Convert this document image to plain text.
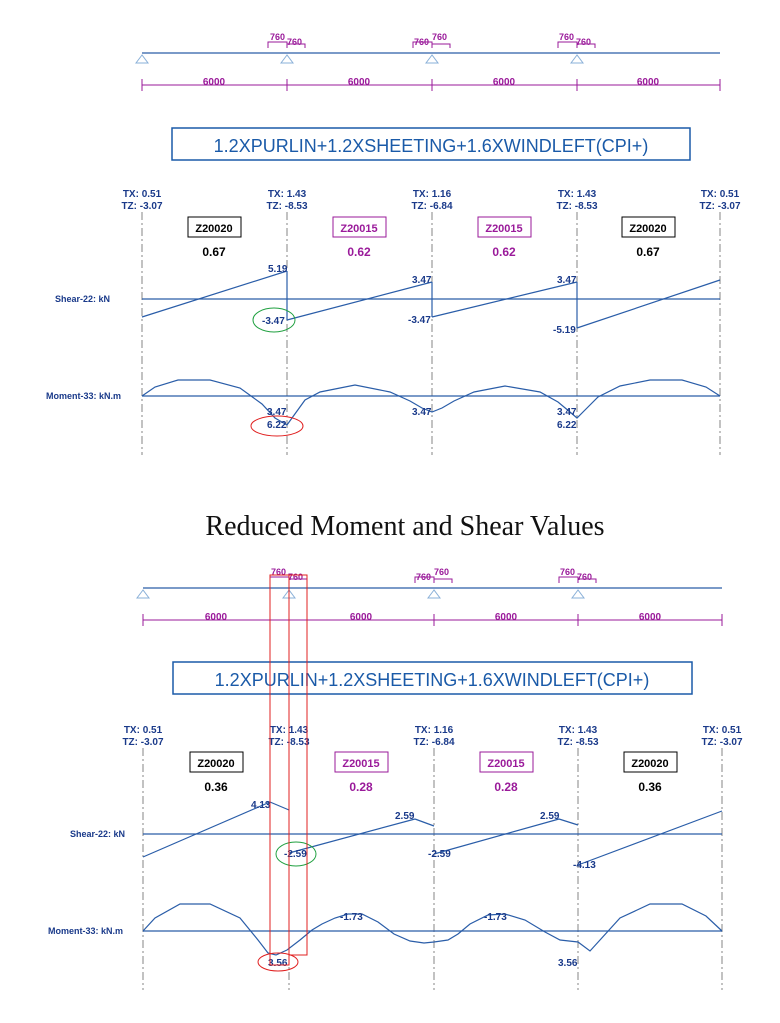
760 760	760 760	760 760
6000	6000	6000	6000
1.2XPURLIN+1.2XSHEETING+1.6XWINDLEFT(CPI+)
TX: 0.51
TZ: -3.07
TX: 1.43
TZ: -8.53
TX: 1.16
TZ: -6.84
TX: 1.43
TZ: -8.53
TX: 0.51
TZ: -3.07
Z20020	Z20015	Z20015	Z20020
0.67	0.62	0.62	0.67
Shear-22: kN
5.19
-3.47
3.47
-3.47
3.47
-5.19
Moment-33: kN.m
3.47
6.22
3.47	3.47
6.22
Reduced Moment and Shear Values
760 760	760 760	760 760
6000	6000	6000	6000
1.2XPURLIN+1.2XSHEETING+1.6XWINDLEFT(CPI+)
TX: 0.51
TZ: -3.07
TX: 1.43
TZ: -8.53
TX: 1.16
TZ: -6.84
TX: 1.43
TZ: -8.53
TX: 0.51
TZ: -3.07
Z20020	Z20015	Z20015	Z20020
0.36	0.28	0.28	0.36
Shear-22: kN
4.13
-2.59
2.59
-2.59
2.59
-4.13
Moment-33: kN.m
-1.73	-1.73
3.56	3.56
